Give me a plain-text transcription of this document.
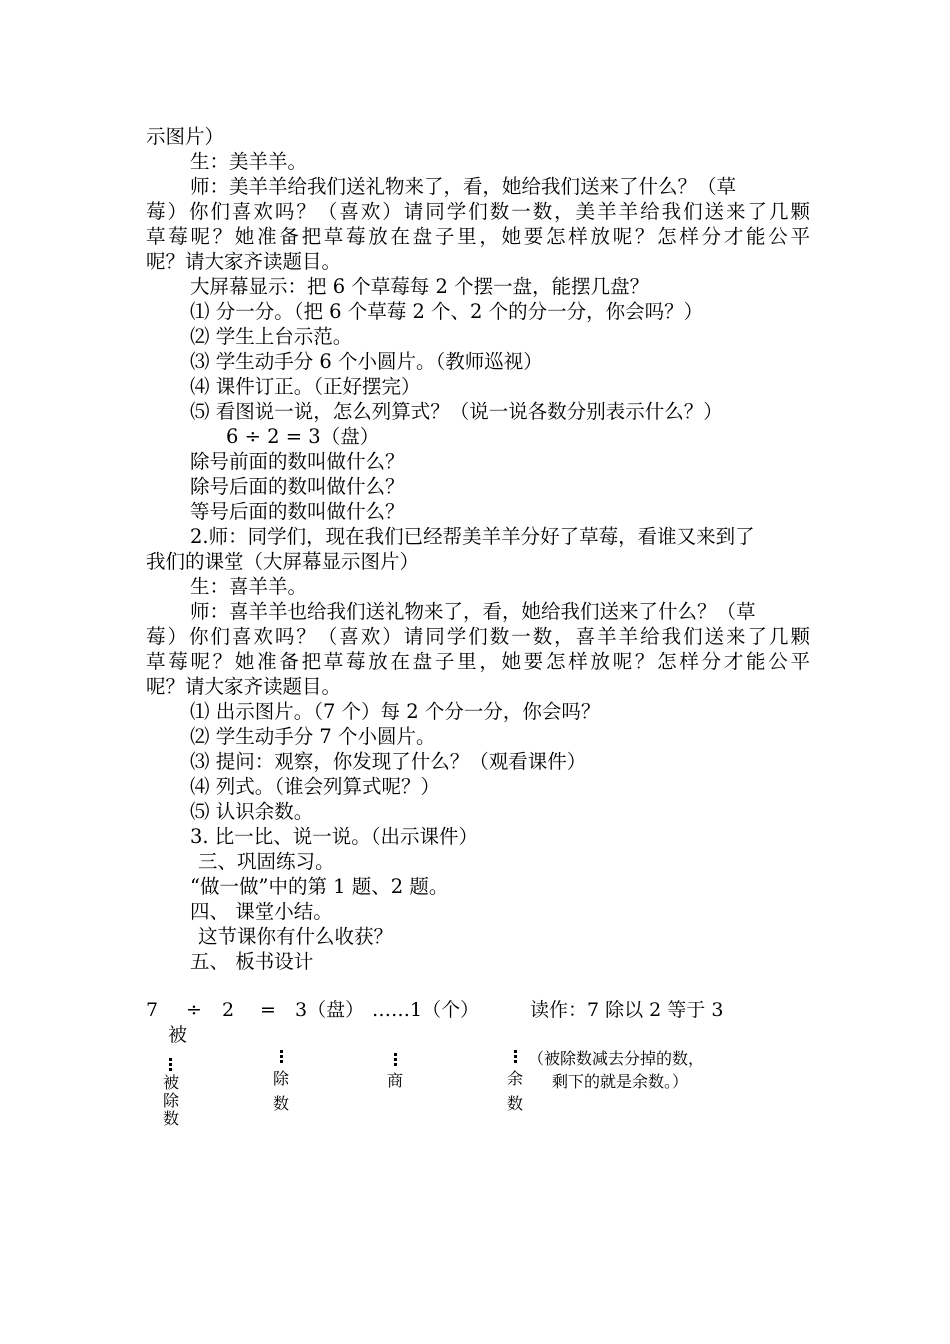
示图片）
生：美羊羊。
师：美羊羊给我们送礼物来了，看，她给我们送来了什么？（草
莓）你们喜欢吗？（喜欢）请同学们数一数，美羊羊给我们送来了几颗
草莓呢？她准备把草莓放在盘子里，她要怎样放呢？怎样分才能公平
呢？请大家齐读题目。
大屏幕显示：把 6 个草莓每 2 个摆一盘，能摆几盘？
⑴ 分一分。（把 6 个草莓 2 个、2 个的分一分，你会吗？）
⑵ 学生上台示范。
⑶ 学生动手分 6 个小圆片。（教师巡视）
⑷ 课件订正。（正好摆完）
⑸ 看图说一说，怎么列算式？（说一说各数分别表示什么？）
6 ÷ 2 = 3（盘）
除号前面的数叫做什么？
除号后面的数叫做什么？
等号后面的数叫做什么？
2.师：同学们，现在我们已经帮美羊羊分好了草莓，看谁又来到了
我们的课堂（大屏幕显示图片）
生：喜羊羊。
师：喜羊羊也给我们送礼物来了，看，她给我们送来了什么？（草
莓）你们喜欢吗？（喜欢）请同学们数一数，喜羊羊给我们送来了几颗
草莓呢？她准备把草莓放在盘子里，她要怎样放呢？怎样分才能公平
呢？请大家齐读题目。
⑴ 出示图片。（7 个）每 2 个分一分，你会吗？
⑵ 学生动手分 7 个小圆片。
⑶ 提问：观察，你发现了什么？（观看课件）
⑷ 列式。（谁会列算式呢？）
⑸ 认识余数。
3. 比一比、说一说。（出示课件）
三、巩固练习。
“做一做”中的第 1 题、2 题。
四、 课堂小结。
这节课你有什么收获？
五、 板书设计
7 ÷ 2 = 3（盘） ……1（个）	读作：7 除以 2 等于 3
被
被
除
数
除
数
商	余
数
（被除数减去分掉的数，
剩下的就是余数。）
